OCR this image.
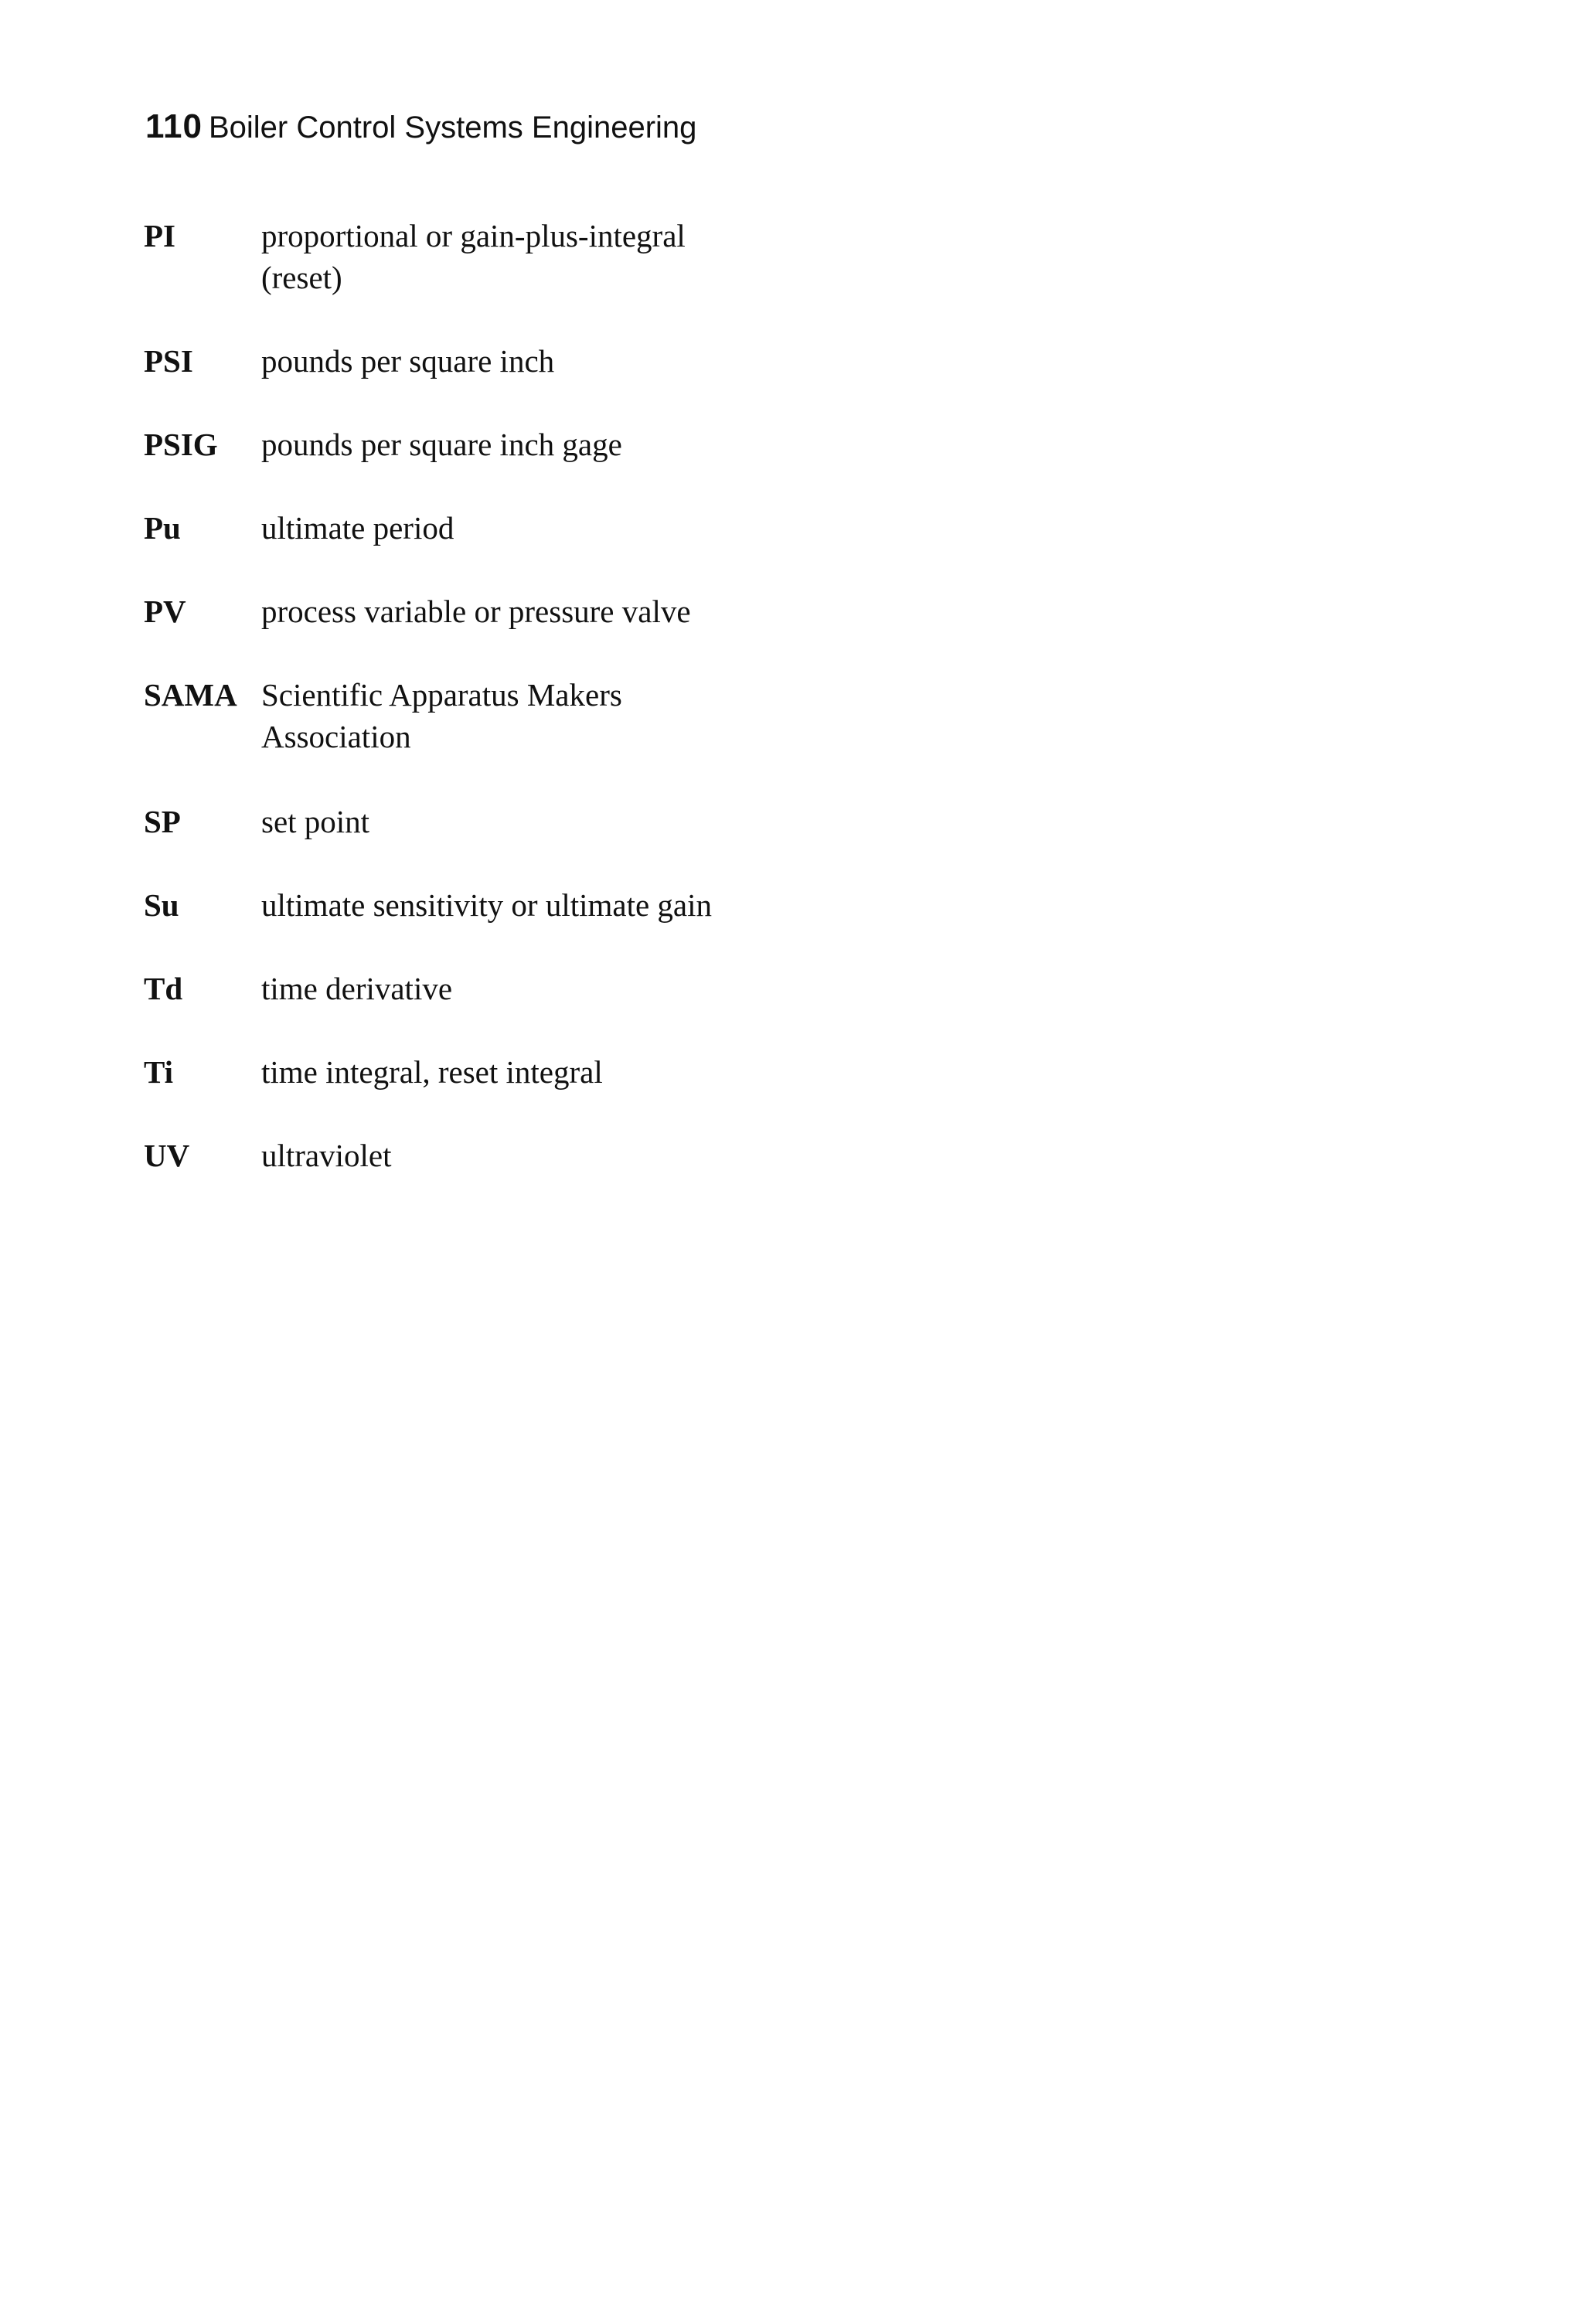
110 Boiler Control Systems Engineering
PI	proportional or gain-plus-integral (reset)
PSI pounds per square inch
PSIG pounds per square inch gage
Pu	ultimate period
PV process variable or pressure valve
SAMA Scientific Apparatus Makers Association
SP	set point
Su	ultimate sensitivity or ultimate gain
Td time derivative
Ti	time integral, reset integral
UV ultraviolet
